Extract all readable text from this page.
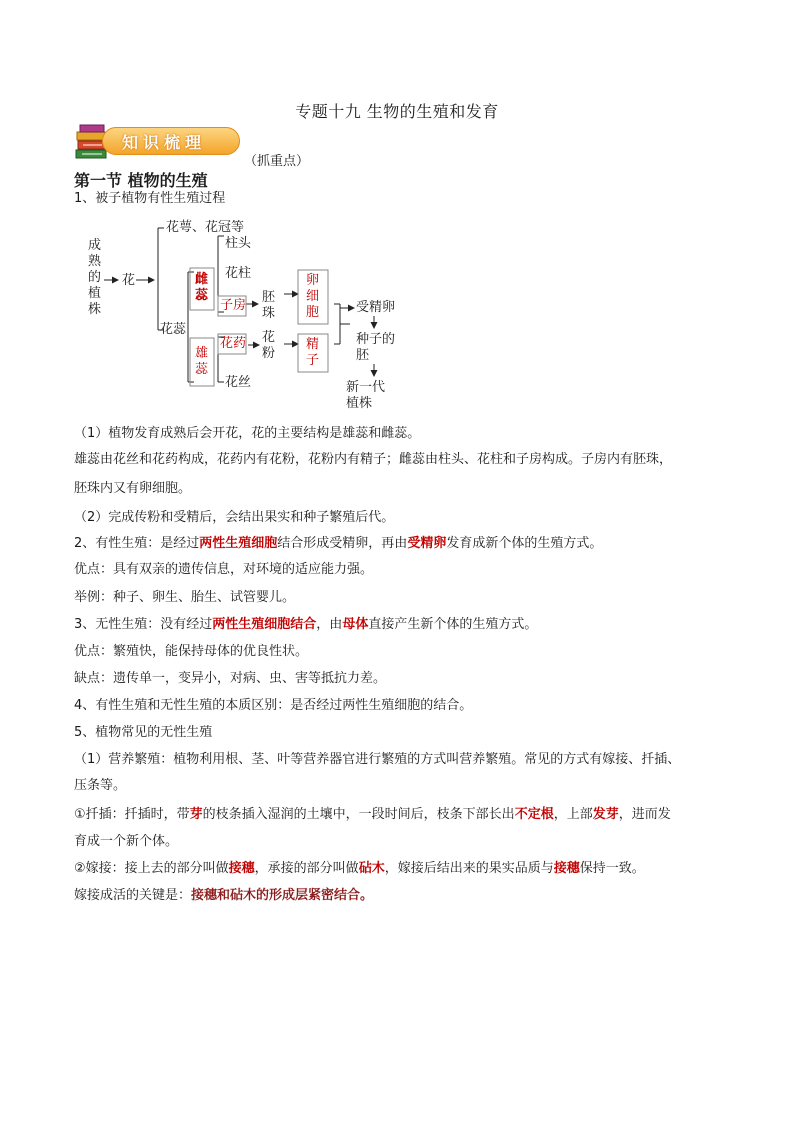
专题十九 生物的生殖和发育
知识梳理
（抓重点）
第一节 植物的生殖
1、被子植物有性生殖过程
成熟的植株
花
花萼、花冠等
花蕊
雌蕊
雄蕊
柱头
花柱
子房
胚珠
花药 花粉
花丝
卵细胞
精子
受精卵
种子的胚
新一代植株
（1）植物发育成熟后会开花，花的主要结构是雄蕊和雌蕊。
雄蕊由花丝和花药构成，花药内有花粉，花粉内有精子；雌蕊由柱头、花柱和子房构成。子房内有胚珠，
胚珠内又有卵细胞。
（2）完成传粉和受精后，会结出果实和种子繁殖后代。
2、有性生殖：是经过两性生殖细胞结合形成受精卵，再由受精卵发育成新个体的生殖方式。
优点：具有双亲的遗传信息，对环境的适应能力强。
举例：种子、卵生、胎生、试管婴儿。
3、无性生殖：没有经过两性生殖细胞结合，由母体直接产生新个体的生殖方式。
优点：繁殖快，能保持母体的优良性状。
缺点：遗传单一，变异小，对病、虫、害等抵抗力差。
4、有性生殖和无性生殖的本质区别：是否经过两性生殖细胞的结合。
5、植物常见的无性生殖
（1）营养繁殖：植物利用根、茎、叶等营养器官进行繁殖的方式叫营养繁殖。常见的方式有嫁接、扦插、
压条等。
①扦插：扦插时，带芽的枝条插入湿润的土壤中，一段时间后，枝条下部长出不定根，上部发芽，进而发
育成一个新个体。
②嫁接：接上去的部分叫做接穗，承接的部分叫做砧木，嫁接后结出来的果实品质与接穗保持一致。
嫁接成活的关键是：接穗和砧木的形成层紧密结合。
